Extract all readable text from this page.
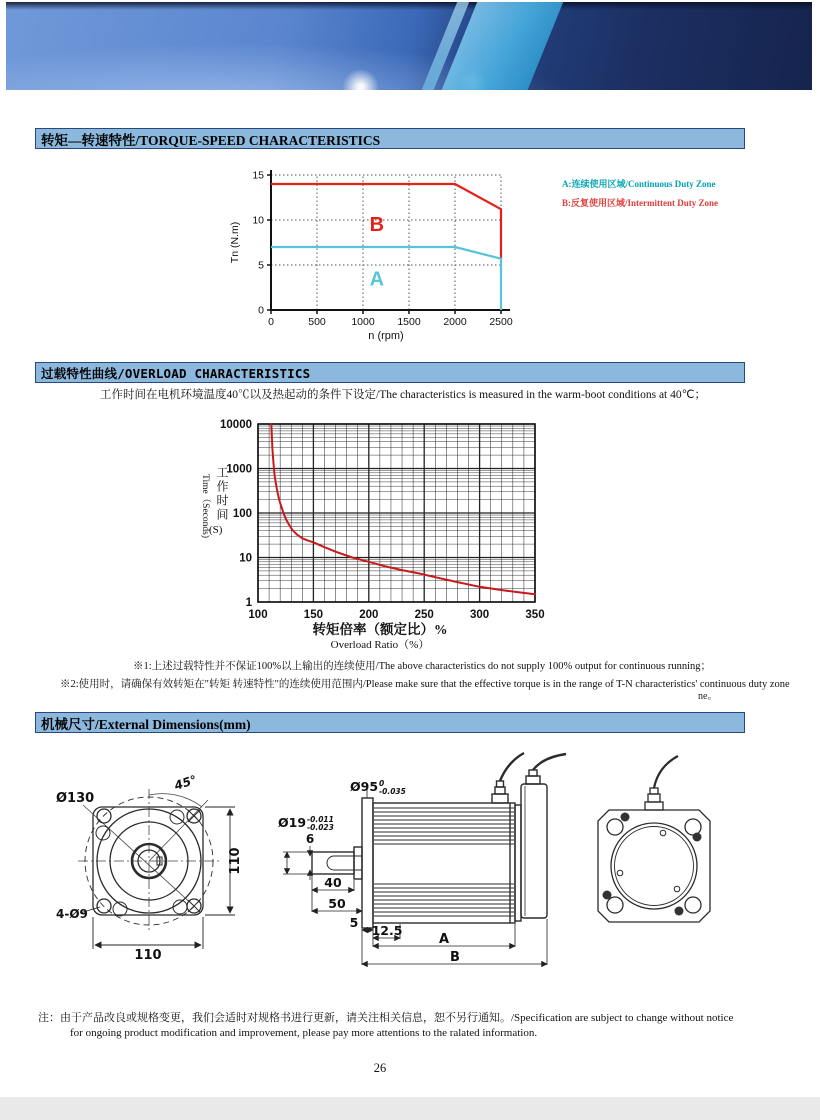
转矩—转速特性/TORQUE-SPEED CHARACTERISTICS
0	500 1000 1500 2000 2500
0
5
10
15
B
A
n (rpm)
Tn (N.m)
A:连续使用区域/Continuous Duty Zone
B:反复使用区域/Intermittent Duty Zone
过载特性曲线/OVERLOAD CHARACTERISTICS
工作时间在电机环境温度40℃以及热起动的条件下设定/The characteristics is measured in the warm-boot conditions at 40℃；
100	150	200	250	300	350
1
10
100
1000
10000
Time（Seconds) 工作时间
(S)
转矩倍率（额定比）%
Overload Ratio（%）
※1:上述过载特性并不保证100%以上输出的连续使用/The above characteristics do not supply 100% output for continuous running；
※2:使用时，请确保有效转矩在"转矩 转速特性"的连续使用范围内/Please make sure that the effective torque is in the range of T-N characteristics' continuous duty zone
ne。
机械尺寸/External Dimensions(mm)
Ø130
45°
110
110
4-Ø9
6
40
50
5
12.5
A
B
Ø95 0
-0.035
Ø19 -0.011
-0.023
注：由于产品改良或规格变更，我们会适时对规格书进行更新，请关注相关信息，恕不另行通知。/Specification are subject to change without notice
for ongoing product modification and improvement, please pay more attentions to the ralated information.
26
